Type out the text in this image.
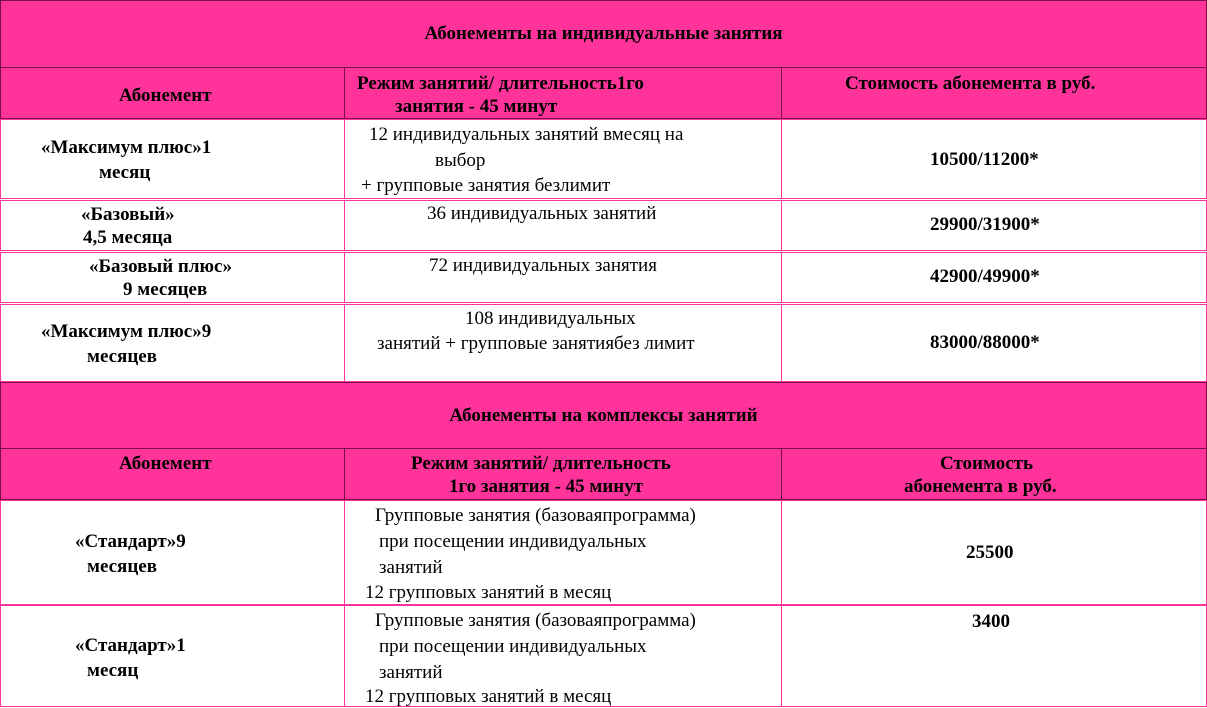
Абонементы на индивидуальные занятия
Абонемент
Режим занятий/ длительность1го
занятия - 45 минут
Стоимость абонемента в руб.
«Максимум плюс»1
месяц
12 индивидуальных занятий вмесяц на
выбор
+ групповые занятия безлимит
10500/11200*
«Базовый»
4,5 месяца
36 индивидуальных занятий
29900/31900*
«Базовый плюс»
9 месяцев
72 индивидуальных занятия
42900/49900*
«Максимум плюс»9
месяцев
108 индивидуальных
занятий + групповые занятиябез лимит	83000/88000*
Абонементы на комплексы занятий
Абонемент	Режим занятий/ длительность
1го занятия - 45 минут
Стоимость
абонемента в руб.
«Стандарт»9
месяцев
Групповые занятия (базоваяпрограмма)
при посещении индивидуальных
занятий
12 групповых занятий в месяц
25500
«Стандарт»1
месяц
Групповые занятия (базоваяпрограмма)
при посещении индивидуальных
занятий
12 групповых занятий в месяц
3400
